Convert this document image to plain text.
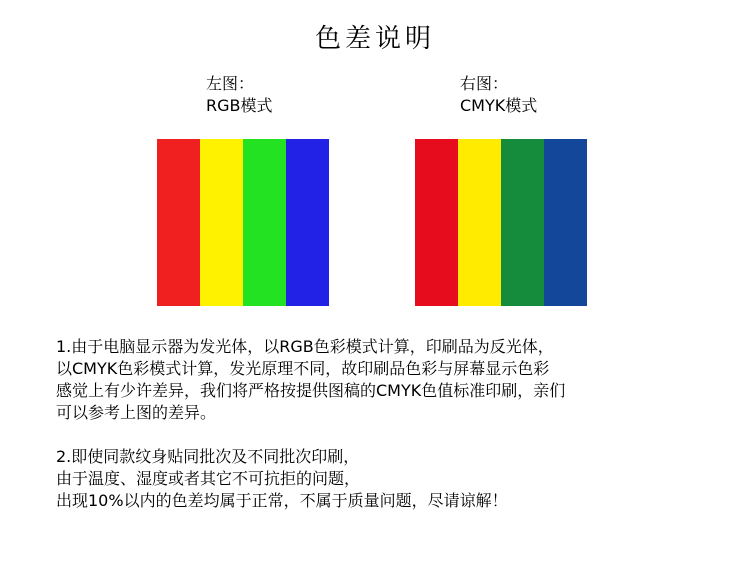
色差说明
左图：
RGB模式
右图：
CMYK模式
1.由于电脑显示器为发光体，以RGB色彩模式计算，印刷品为反光体，
以CMYK色彩模式计算，发光原理不同，故印刷品色彩与屏幕显示色彩
感觉上有少许差异，我们将严格按提供图稿的CMYK色值标准印刷，亲们
可以参考上图的差异。
2.即使同款纹身贴同批次及不同批次印刷，
由于温度、湿度或者其它不可抗拒的问题，
出现10%以内的色差均属于正常，不属于质量问题，尽请谅解！
